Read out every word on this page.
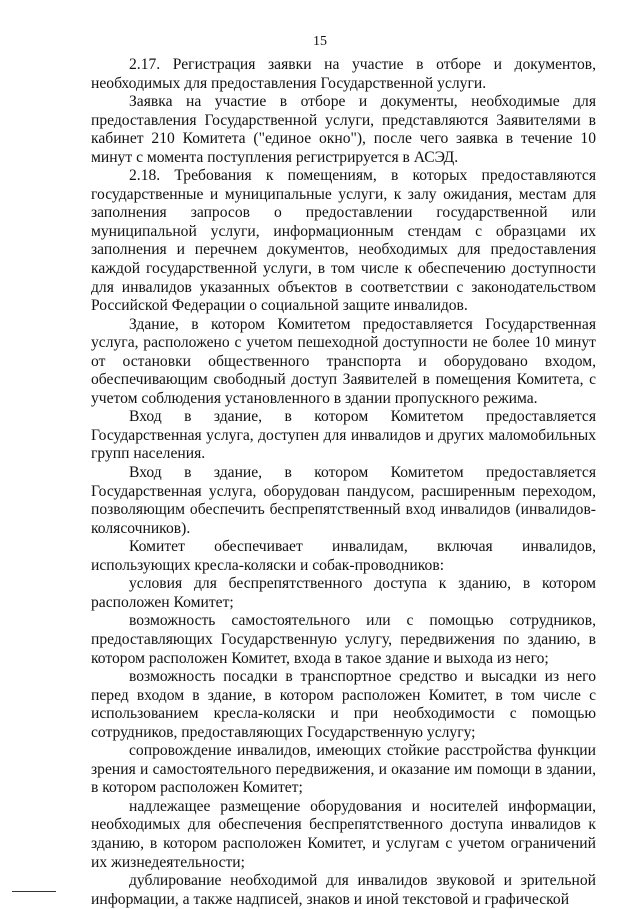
15

2.17. Регистрация заявки на участие в отборе и документов, необходимых для предоставления Государственной услуги.

Заявка на участие в отборе и документы, необходимые для предоставления Государственной услуги, представляются Заявителями в кабинет 210 Комитета ("единое окно"), после чего заявка в течение 10 минут с момента поступления регистрируется в АСЭД.

2.18. Требования к помещениям, в которых предоставляются государственные и муниципальные услуги, к залу ожидания, местам для заполнения запросов о предоставлении государственной или муниципальной услуги, информационным стендам с образцами их заполнения и перечнем документов, необходимых для предоставления каждой государственной услуги, в том числе к обеспечению доступности для инвалидов указанных объектов в соответствии с законодательством Российской Федерации о социальной защите инвалидов.

Здание, в котором Комитетом предоставляется Государственная услуга, расположено с учетом пешеходной доступности не более 10 минут от остановки общественного транспорта и оборудовано входом, обеспечивающим свободный доступ Заявителей в помещения Комитета, с учетом соблюдения установленного в здании пропускного режима.

Вход в здание, в котором Комитетом предоставляется Государственная услуга, доступен для инвалидов и других маломобильных групп населения.

Вход в здание, в котором Комитетом предоставляется Государственная услуга, оборудован пандусом, расширенным переходом, позволяющим обеспечить беспрепятственный вход инвалидов (инвалидов-колясочников).

Комитет обеспечивает инвалидам, включая инвалидов, использующих кресла-коляски и собак-проводников:

условия для беспрепятственного доступа к зданию, в котором расположен Комитет;

возможность самостоятельного или с помощью сотрудников, предоставляющих Государственную услугу, передвижения по зданию, в котором расположен Комитет, входа в такое здание и выхода из него;

возможность посадки в транспортное средство и высадки из него перед входом в здание, в котором расположен Комитет, в том числе с использованием кресла-коляски и при необходимости с помощью сотрудников, предоставляющих Государственную услугу;

сопровождение инвалидов, имеющих стойкие расстройства функции зрения и самостоятельного передвижения, и оказание им помощи в здании, в котором расположен Комитет;

надлежащее размещение оборудования и носителей информации, необходимых для обеспечения беспрепятственного доступа инвалидов к зданию, в котором расположен Комитет, и услугам с учетом ограничений их жизнедеятельности;

дублирование необходимой для инвалидов звуковой и зрительной информации, а также надписей, знаков и иной текстовой и графической
